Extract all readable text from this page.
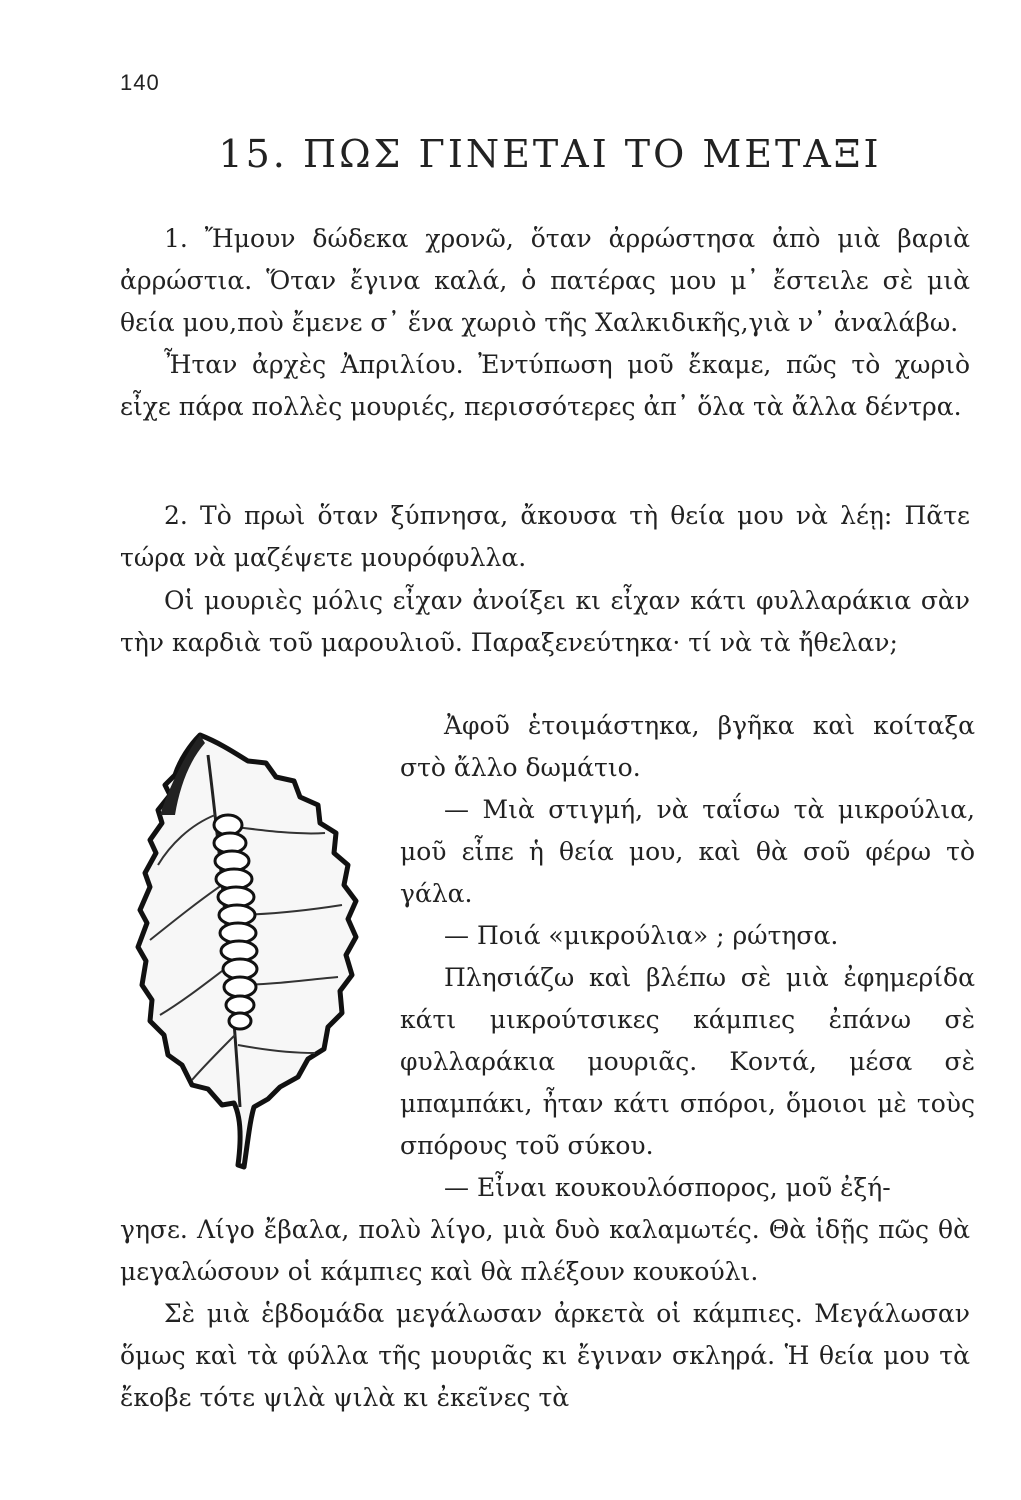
140
15. ΠΩΣ ΓΙΝΕΤΑΙ ΤΟ ΜΕΤΑΞΙ

1. Ἤμουν δώδεκα χρονῶ, ὅταν ἀρρώστησα ἀπὸ μιὰ βαριὰ ἀρρώστια. Ὅταν ἔγινα καλά, ὁ πατέρας μου μ᾽ ἔστειλε σὲ μιὰ θεία μου,ποὺ ἔμενε σ᾽ ἕνα χωριὸ τῆς Χαλκιδικῆς,γιὰ ν᾽ ἀναλάβω.

Ἦταν ἀρχὲς Ἀπριλίου. Ἐντύπωση μοῦ ἔκαμε, πῶς τὸ χωριὸ εἶχε πάρα πολλὲς μουριές, περισσότερες ἀπ᾽ ὅλα τὰ ἄλλα δέντρα.

2. Τὸ πρωὶ ὅταν ξύπνησα, ἄκουσα τὴ θεία μου νὰ λέῃ: Πᾶτε τώρα νὰ μαζέψετε μουρόφυλλα.

Οἱ μουριὲς μόλις εἶχαν ἀνοίξει κι εἶχαν κάτι φυλλαράκια σὰν τὴν καρδιὰ τοῦ μαρουλιοῦ. Παραξενεύτηκα· τί νὰ τὰ ἤθελαν;

Ἀφοῦ ἑτοιμάστηκα, βγῆκα καὶ κοίταξα στὸ ἄλλο δωμάτιο.

— Μιὰ στιγμή, νὰ ταΐσω τὰ μικρούλια, μοῦ εἶπε ἡ θεία μου, καὶ θὰ σοῦ φέρω τὸ γάλα.

— Ποιά «μικρούλια» ; ρώτησα.

Πλησιάζω καὶ βλέπω σὲ μιὰ ἐφημερίδα κάτι μικρούτσικες κάμπιες ἐπάνω σὲ φυλλαράκια μουριᾶς. Κοντά, μέσα σὲ μπαμπάκι, ἦταν κάτι σπόροι, ὅμοιοι μὲ τοὺς σπόρους τοῦ σύκου.

— Εἶναι κουκουλόσπορος, μοῦ ἐξή-

γησε. Λίγο ἔβαλα, πολὺ λίγο, μιὰ δυὸ καλαμωτές. Θὰ ἰδῇς πῶς θὰ μεγαλώσουν οἱ κάμπιες καὶ θὰ πλέξουν κουκούλι.

Σὲ μιὰ ἑβδομάδα μεγάλωσαν ἀρκετὰ οἱ κάμπιες. Μεγάλωσαν ὅμως καὶ τὰ φύλλα τῆς μουριᾶς κι ἔγιναν σκληρά. Ἡ θεία μου τὰ ἔκοβε τότε ψιλὰ ψιλὰ κι ἐκεῖνες τὰ
